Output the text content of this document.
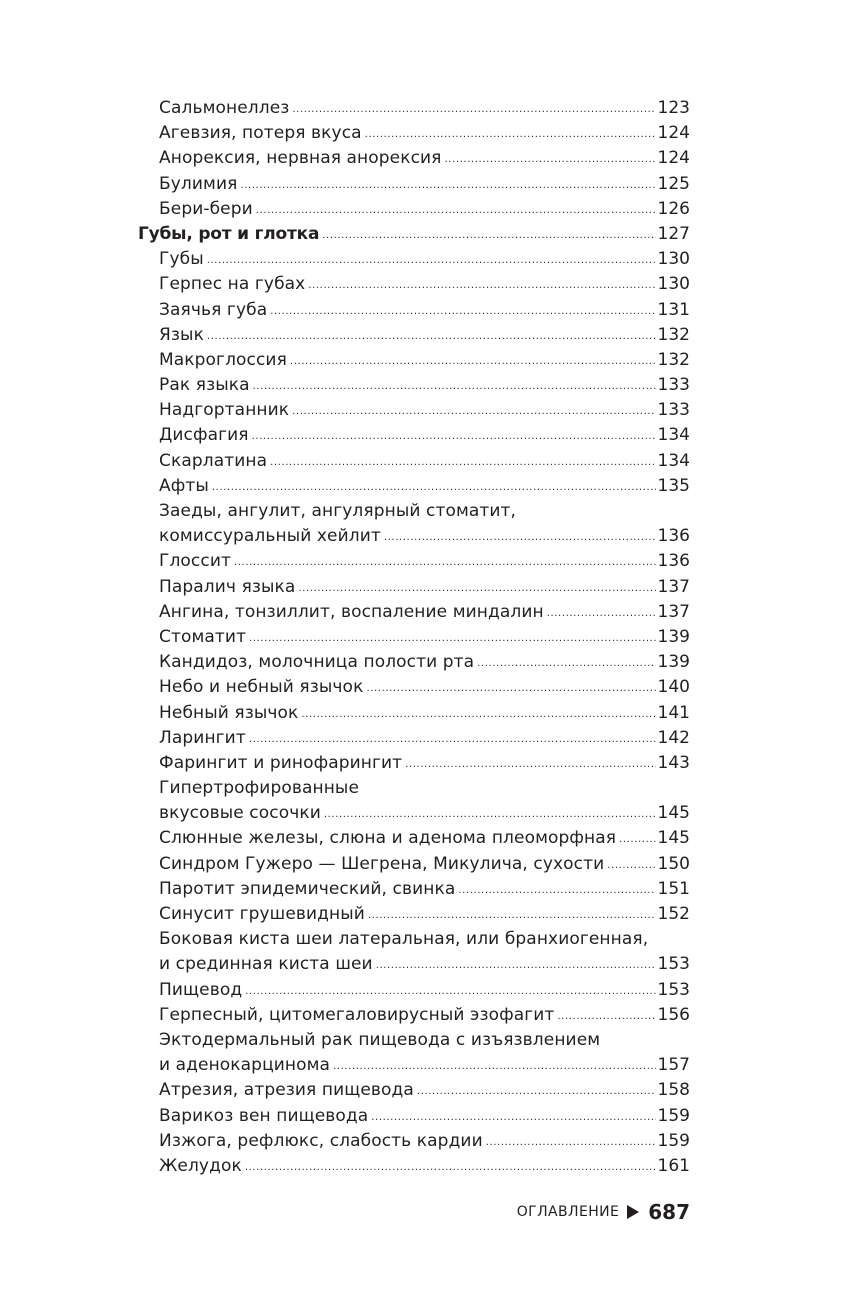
Сальмонеллез .....	123
Агевзия, потеря вкуса .....	124
Анорексия, нервная анорексия .....	124
Булимия .....	125
Бери-бери .....	126
Губы, рот и глотка .....	127
Губы .....	130
Герпес на губах .....	130
Заячья губа .....	131
Язык .....	132
Макроглоссия .....	132
Рак языка .....	133
Надгортанник .....	133
Дисфагия .....	134
Скарлатина .....	134
Афты .....	135
Заеды, ангулит, ангулярный стоматит,
комиссуральный хейлит .....	136
Глоссит .....	136
Паралич языка .....	137
Ангина, тонзиллит, воспаление миндалин .....	137
Стоматит .....	139
Кандидоз, молочница полости рта .....	139
Небо и небный язычок .....	140
Небный язычок .....	141
Ларингит .....	142
Фарингит и ринофарингит .....	143
Гипертрофированные
вкусовые сосочки .....	145
Слюнные железы, слюна и аденома плеоморфная ..... 145
Синдром Гужеро — Шегрена, Микулича, сухости .....	150
Паротит эпидемический, свинка .....	151
Синусит грушевидный .....	152
Боковая киста шеи латеральная, или бранхиогенная,
и срединная киста шеи .....	153
Пищевод .....	153
Герпесный, цитомегаловирусный эзофагит .....	156
Эктодермальный рак пищевода с изъязвлением
и аденокарцинома .....	157
Атрезия, атрезия пищевода .....	158
Варикоз вен пищевода .....	159
Изжога, рефлюкс, слабость кардии .....	159
Желудок .....	161
ОГЛАВЛЕНИЕ 687
